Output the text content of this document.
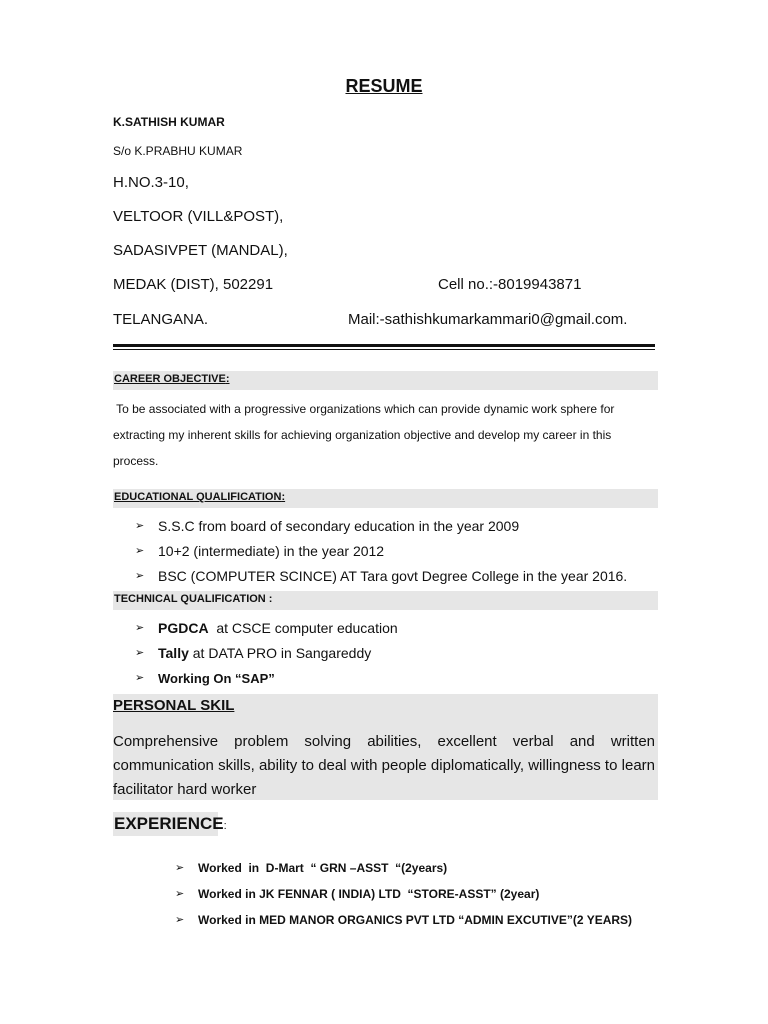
RESUME
K.SATHISH KUMAR
S/o K.PRABHU KUMAR
H.NO.3-10,
VELTOOR (VILL&POST),
SADASIVPET (MANDAL),
MEDAK (DIST), 502291
TELANGANA.
Cell no.:-8019943871
Mail:-sathishkumarkammari0@gmail.com.
CAREER OBJECTIVE:
To be associated with a progressive organizations which can provide dynamic work sphere for
extracting my inherent skills for achieving organization objective and develop my career in this
process.
EDUCATIONAL QUALIFICATION:
➢ S.S.C from board of secondary education in the year 2009
➢ 10+2 (intermediate) in the year 2012
➢ BSC (COMPUTER SCINCE) AT Tara govt Degree College in the year 2016.
TECHNICAL QUALIFICATION :
➢ PGDCA  at CSCE computer education
➢ Tally at DATA PRO in Sangareddy
➢ Working On “SAP”
PERSONAL SKIL
Comprehensive problem solving abilities, excellent verbal and written communication skills, ability to deal with people diplomatically, willingness to learn facilitator hard worker
EXPERIENCE:
➢ Worked  in  D-Mart  “ GRN –ASST  “(2years)
➢ Worked in JK FENNAR ( INDIA) LTD  “STORE-ASST” (2year)
➢ Worked in MED MANOR ORGANICS PVT LTD “ADMIN EXCUTIVE”(2 YEARS)
